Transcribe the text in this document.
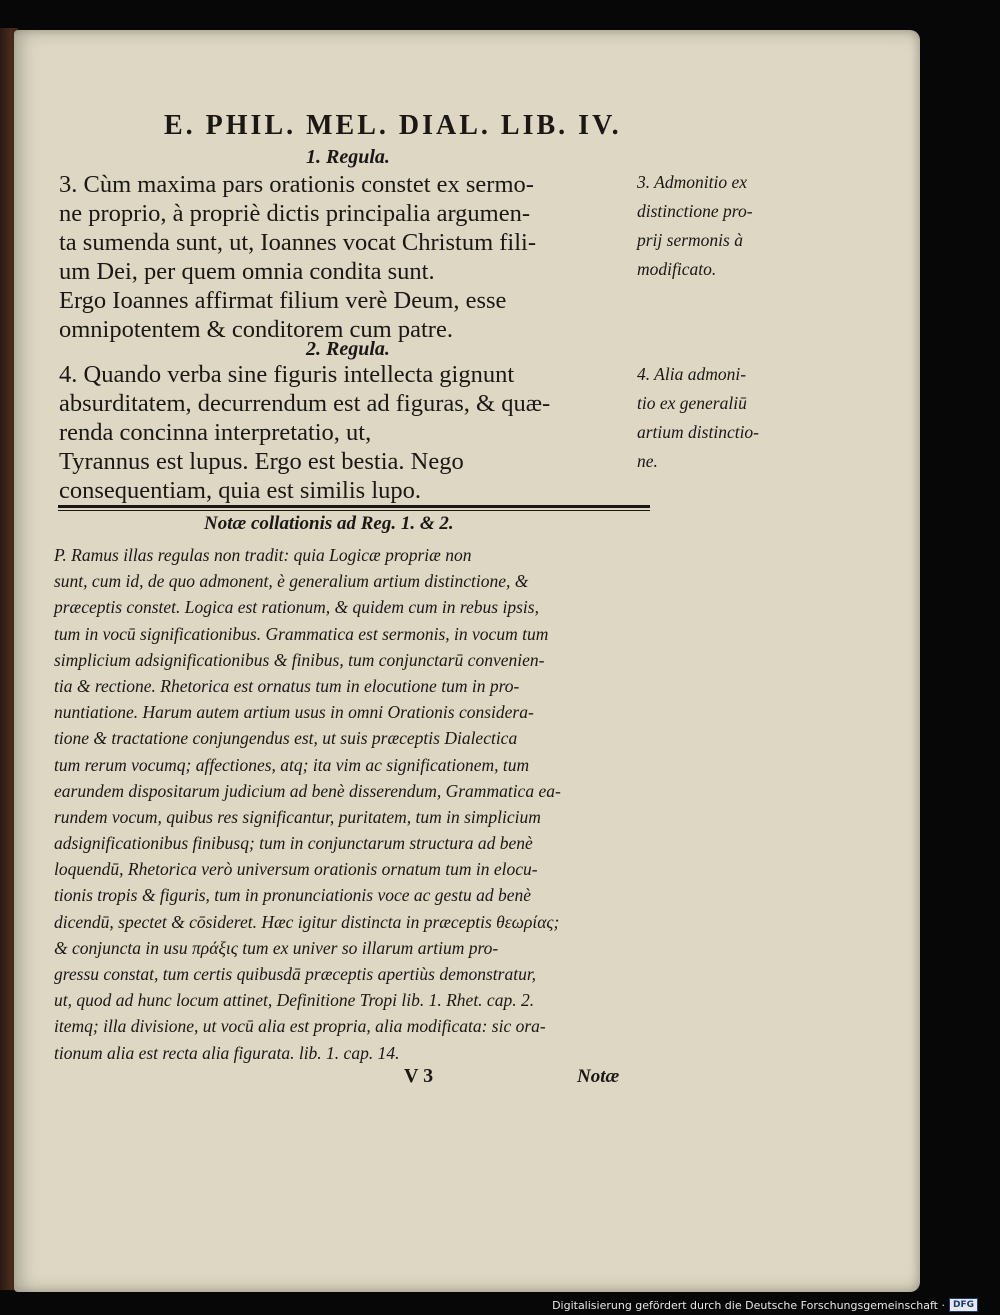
E. PHIL. MEL. DIAL. LIB. IV.
1. Regula.
3. Cùm maxima pars orationis constet ex sermo-
ne proprio, à propriè dictis principalia argumen-
ta sumenda sunt, ut, Ioannes vocat Christum fili-
um Dei, per quem omnia condita sunt.
Ergo Ioannes affirmat filium verè Deum, esse
omnipotentem & conditorem cum patre.
3. Admonitio ex
distinctione pro-
prij sermonis à
modificato.
2. Regula.
4. Quando verba sine figuris intellecta gignunt
absurditatem, decurrendum est ad figuras, & quæ-
renda concinna interpretatio, ut,
Tyrannus est lupus. Ergo est bestia. Nego
consequentiam, quia est similis lupo.
4. Alia admoni-
tio ex generaliū
artium distinctio-
ne.
Notæ collationis ad Reg. 1. & 2.
P. Ramus illas regulas non tradit: quia Logicæ propriæ non
sunt, cum id, de quo admonent, è generalium artium distinctione, &
præceptis constet. Logica est rationum, & quidem cum in rebus ipsis,
tum in vocū significationibus. Grammatica est sermonis, in vocum tum
simplicium adsignificationibus & finibus, tum conjunctarū convenien-
tia & rectione. Rhetorica est ornatus tum in elocutione tum in pro-
nuntiatione. Harum autem artium usus in omni Orationis considera-
tione & tractatione conjungendus est, ut suis præceptis Dialectica
tum rerum vocumq; affectiones, atq; ita vim ac significationem, tum
earundem dispositarum judicium ad benè disserendum, Grammatica ea-
rundem vocum, quibus res significantur, puritatem, tum in simplicium
adsignificationibus finibusq; tum in conjunctarum structura ad benè
loquendū, Rhetorica verò universum orationis ornatum tum in elocu-
tionis tropis & figuris, tum in pronunciationis voce ac gestu ad benè
dicendū, spectet & cōsideret. Hæc igitur distincta in præceptis θεωρίας;
& conjuncta in usu πράξις tum ex univer so illarum artium pro-
gressu constat, tum certis quibusdā præceptis apertiùs demonstratur,
ut, quod ad hunc locum attinet, Definitione Tropi lib. 1. Rhet. cap. 2.
itemq; illa divisione, ut vocū alia est propria, alia modificata: sic ora-
tionum alia est recta alia figurata. lib. 1. cap. 14.
V 3	Notæ
Digitalisierung gefördert durch die Deutsche Forschungsgemeinschaft · DFG
